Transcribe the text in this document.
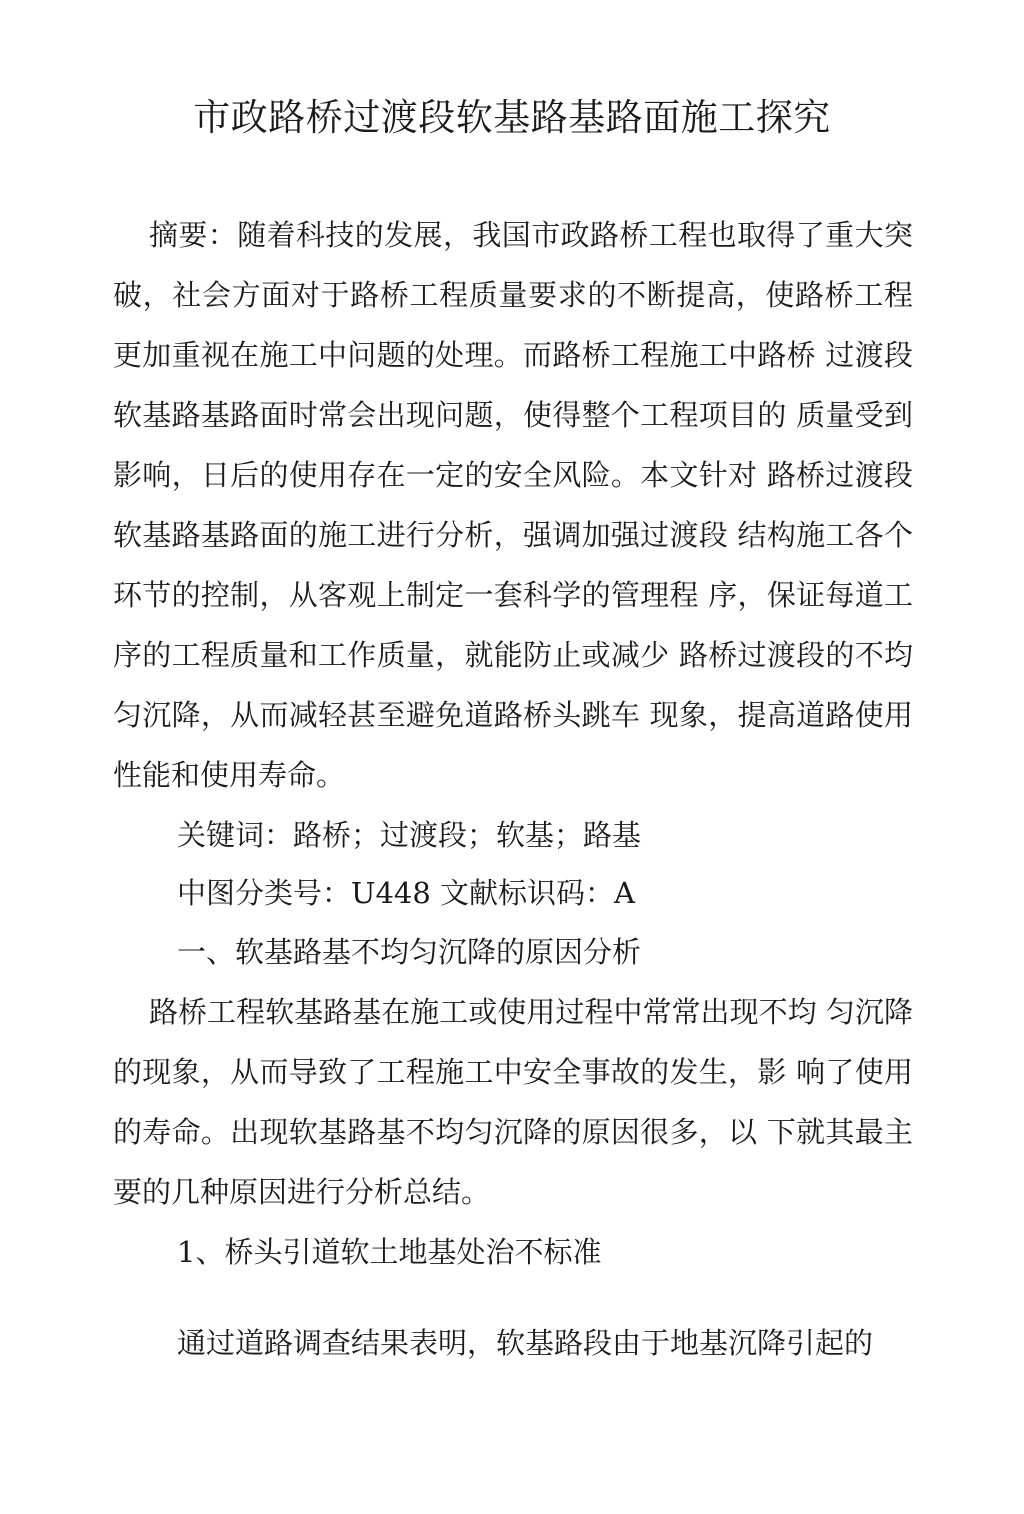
市政路桥过渡段软基路基路面施工探究

摘要：随着科技的发展，我国市政路桥工程也取得了重大突破，社会方面对于路桥工程质量要求的不断提高，使路桥工程更加重视在施工中问题的处理。而路桥工程施工中路桥 过渡段软基路基路面时常会出现问题，使得整个工程项目的 质量受到影响，日后的使用存在一定的安全风险。本文针对 路桥过渡段软基路基路面的施工进行分析，强调加强过渡段 结构施工各个环节的控制，从客观上制定一套科学的管理程 序，保证每道工序的工程质量和工作质量，就能防止或减少 路桥过渡段的不均匀沉降，从而减轻甚至避免道路桥头跳车 现象，提高道路使用性能和使用寿命。

关键词：路桥；过渡段；软基；路基

中图分类号：U448 文献标识码：A

一、软基路基不均匀沉降的原因分析

路桥工程软基路基在施工或使用过程中常常出现不均 匀沉降的现象，从而导致了工程施工中安全事故的发生，影 响了使用的寿命。出现软基路基不均匀沉降的原因很多，以 下就其最主要的几种原因进行分析总结。

1、桥头引道软土地基处治不标准

通过道路调查结果表明，软基路段由于地基沉降引起的
